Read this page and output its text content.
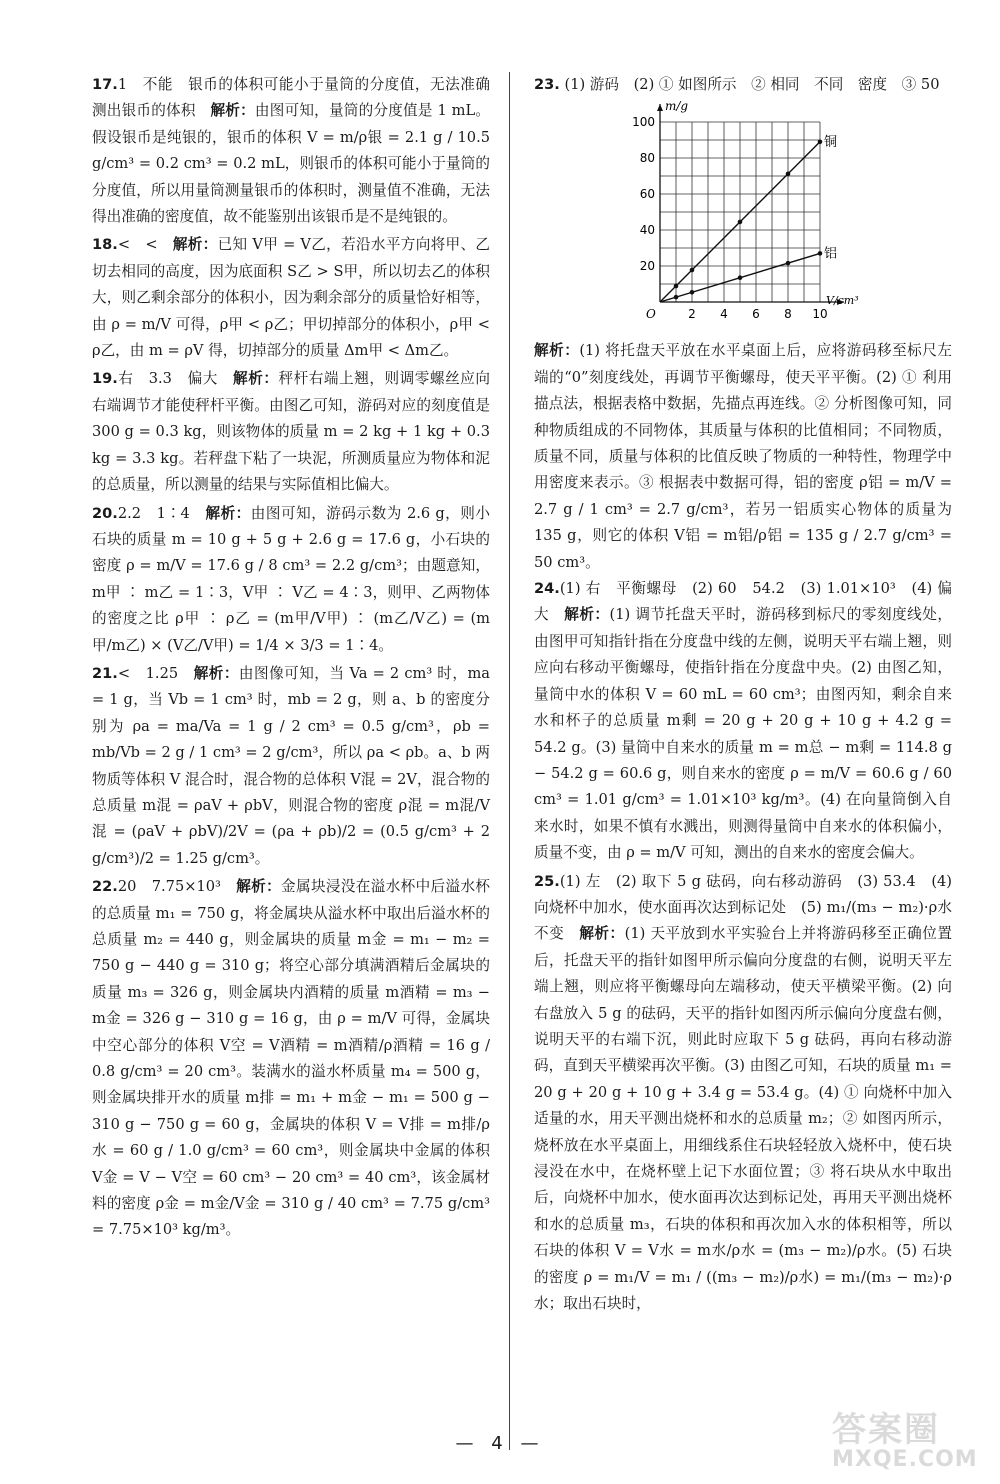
17.1　不能　银币的体积可能小于量筒的分度值，无法准确测出银币的体积　解析：由图可知，量筒的分度值是 1 mL。假设银币是纯银的，银币的体积 V = m/ρ银 = 2.1 g / 10.5 g/cm³ = 0.2 cm³ = 0.2 mL，则银币的体积可能小于量筒的分度值，所以用量筒测量银币的体积时，测量值不准确，无法得出准确的密度值，故不能鉴别出该银币是不是纯银的。

18.<　<　解析：已知 V甲 = V乙，若沿水平方向将甲、乙切去相同的高度，因为底面积 S乙 > S甲，所以切去乙的体积大，则乙剩余部分的体积小，因为剩余部分的质量恰好相等，由 ρ = m/V 可得，ρ甲 < ρ乙；甲切掉部分的体积小，ρ甲 < ρ乙，由 m = ρV 得，切掉部分的质量 Δm甲 < Δm乙。

19.右　3.3　偏大　解析：秤杆右端上翘，则调零螺丝应向右端调节才能使秤杆平衡。由图乙可知，游码对应的刻度值是 300 g = 0.3 kg，则该物体的质量 m = 2 kg + 1 kg + 0.3 kg = 3.3 kg。若秤盘下粘了一块泥，所测质量应为物体和泥的总质量，所以测量的结果与实际值相比偏大。

20.2.2　1∶4　解析：由图可知，游码示数为 2.6 g，则小石块的质量 m = 10 g + 5 g + 2.6 g = 17.6 g，小石块的密度 ρ = m/V = 17.6 g / 8 cm³ = 2.2 g/cm³；由题意知，m甲 ∶ m乙 = 1∶3，V甲 ∶ V乙 = 4∶3，则甲、乙两物体的密度之比 ρ甲 ∶ ρ乙 = (m甲/V甲) ∶ (m乙/V乙) = (m甲/m乙) × (V乙/V甲) = 1/4 × 3/3 = 1∶4。

21.<　1.25　解析：由图像可知，当 Va = 2 cm³ 时，ma = 1 g，当 Vb = 1 cm³ 时，mb = 2 g，则 a、b 的密度分别为 ρa = ma/Va = 1 g / 2 cm³ = 0.5 g/cm³，ρb = mb/Vb = 2 g / 1 cm³ = 2 g/cm³，所以 ρa < ρb。a、b 两物质等体积 V 混合时，混合物的总体积 V混 = 2V，混合物的总质量 m混 = ρaV + ρbV，则混合物的密度 ρ混 = m混/V混 = (ρaV + ρbV)/2V = (ρa + ρb)/2 = (0.5 g/cm³ + 2 g/cm³)/2 = 1.25 g/cm³。

22.20　7.75×10³　解析：金属块浸没在溢水杯中后溢水杯的总质量 m₁ = 750 g，将金属块从溢水杯中取出后溢水杯的总质量 m₂ = 440 g，则金属块的质量 m金 = m₁ − m₂ = 750 g − 440 g = 310 g；将空心部分填满酒精后金属块的质量 m₃ = 326 g，则金属块内酒精的质量 m酒精 = m₃ − m金 = 326 g − 310 g = 16 g，由 ρ = m/V 可得，金属块中空心部分的体积 V空 = V酒精 = m酒精/ρ酒精 = 16 g / 0.8 g/cm³ = 20 cm³。装满水的溢水杯质量 m₄ = 500 g，则金属块排开水的质量 m排 = m₁ + m金 − m₁ = 500 g − 310 g − 750 g = 60 g，金属块的体积 V = V排 = m排/ρ水 = 60 g / 1.0 g/cm³ = 60 cm³，则金属块中金属的体积 V金 = V − V空 = 60 cm³ − 20 cm³ = 40 cm³，该金属材料的密度 ρ金 = m金/V金 = 310 g / 40 cm³ = 7.75 g/cm³ = 7.75×10³ kg/m³。

23. (1) 游码　(2) ① 如图所示　② 相同　不同　密度　③ 50

2 4 6 8 10
20
40
60
80
100
O
V/cm³
m/g
铜
铝

解析：(1) 将托盘天平放在水平桌面上后，应将游码移至标尺左端的“0”刻度线处，再调节平衡螺母，使天平平衡。(2) ① 利用描点法，根据表格中数据，先描点再连线。② 分析图像可知，同种物质组成的不同物体，其质量与体积的比值相同；不同物质，质量不同，质量与体积的比值反映了物质的一种特性，物理学中用密度来表示。③ 根据表中数据可得，铝的密度 ρ铝 = m/V = 2.7 g / 1 cm³ = 2.7 g/cm³，若另一铝质实心物体的质量为 135 g，则它的体积 V铝 = m铝/ρ铝 = 135 g / 2.7 g/cm³ = 50 cm³。

24.(1) 右　平衡螺母　(2) 60　54.2　(3) 1.01×10³　(4) 偏大　解析：(1) 调节托盘天平时，游码移到标尺的零刻度线处，由图甲可知指针指在分度盘中线的左侧，说明天平右端上翘，则应向右移动平衡螺母，使指针指在分度盘中央。(2) 由图乙知，量筒中水的体积 V = 60 mL = 60 cm³；由图丙知，剩余自来水和杯子的总质量 m剩 = 20 g + 20 g + 10 g + 4.2 g = 54.2 g。(3) 量筒中自来水的质量 m = m总 − m剩 = 114.8 g − 54.2 g = 60.6 g，则自来水的密度 ρ = m/V = 60.6 g / 60 cm³ = 1.01 g/cm³ = 1.01×10³ kg/m³。(4) 在向量筒倒入自来水时，如果不慎有水溅出，则测得量筒中自来水的体积偏小，质量不变，由 ρ = m/V 可知，测出的自来水的密度会偏大。

25.(1) 左　(2) 取下 5 g 砝码，向右移动游码　(3) 53.4　(4) 向烧杯中加水，使水面再次达到标记处　(5) m₁/(m₃ − m₂)·ρ水　不变　解析：(1) 天平放到水平实验台上并将游码移至正确位置后，托盘天平的指针如图甲所示偏向分度盘的右侧，说明天平左端上翘，则应将平衡螺母向左端移动，使天平横梁平衡。(2) 向右盘放入 5 g 的砝码，天平的指针如图丙所示偏向分度盘右侧，说明天平的右端下沉，则此时应取下 5 g 砝码，再向右移动游码，直到天平横梁再次平衡。(3) 由图乙可知，石块的质量 m₁ = 20 g + 20 g + 10 g + 3.4 g = 53.4 g。(4) ① 向烧杯中加入适量的水，用天平测出烧杯和水的总质量 m₂；② 如图丙所示，烧杯放在水平桌面上，用细线系住石块轻轻放入烧杯中，使石块浸没在水中，在烧杯壁上记下水面位置；③ 将石块从水中取出后，向烧杯中加水，使水面再次达到标记处，再用天平测出烧杯和水的总质量 m₃，石块的体积和再次加入水的体积相等，所以石块的体积 V = V水 = m水/ρ水 = (m₃ − m₂)/ρ水。(5) 石块的密度 ρ = m₁/V = m₁ / ((m₃ − m₂)/ρ水) = m₁/(m₃ − m₂)·ρ水；取出石块时，

— 4 —	答案圈
MXQE.COM
